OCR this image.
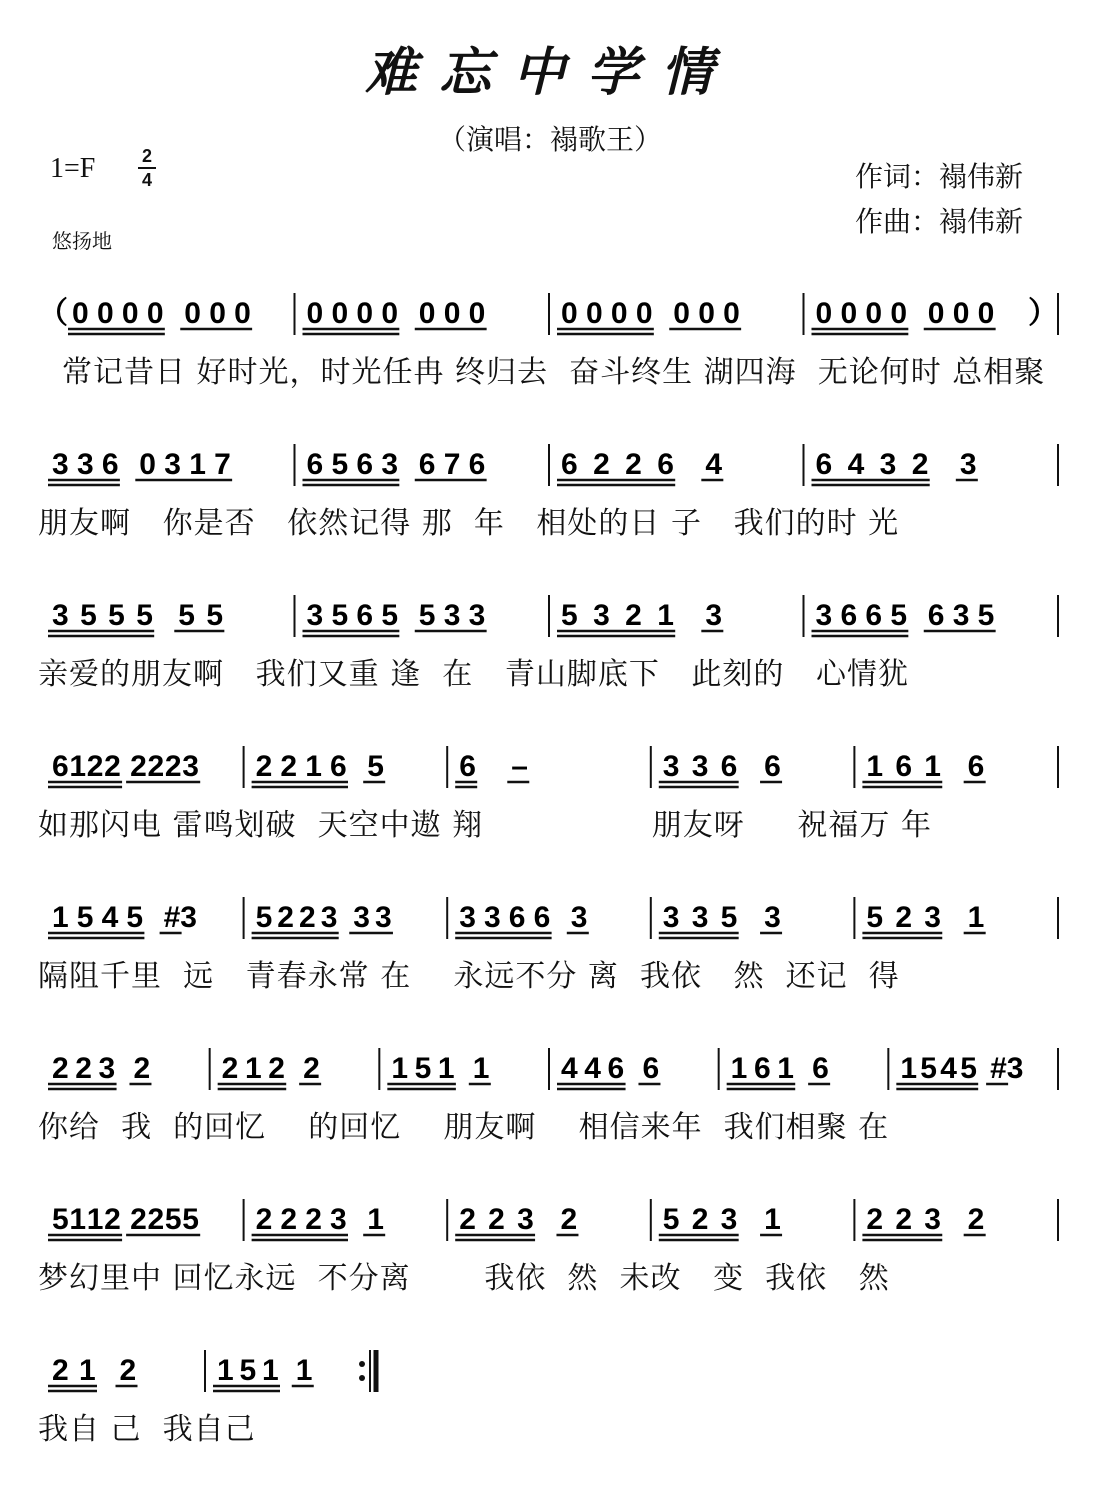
难忘中学情
（演唱：褟歌王）
1=F	2
4	作词：褟伟新
作曲：褟伟新
悠扬地
（ 0 0 0 0 0 0 0 0 0 0 0 0 0 0	0 0 0 0 0 0 0	0 0 0 0 0 0 0 ）
常记昔日 好时光，时光任冉 终归去  奋斗终生 湖四海  无论何时 总相聚
3 3 6 0 3 1 7	6 5 6 3 6 7 6	6 2 2 6 4	6 4 3 2 3
朋友啊   你是否   依然记得 那  年   相处的日 子   我们的时 光
3 5 5 5 5 5	3 5 6 5 5 3 3	5 3 2 1 3	3 6 6 5 6 3 5
亲爱的朋友啊   我们又重 逢  在   青山脚底下   此刻的   心情犹
6 1 2 2 2 2 2 3 2 2 1 6 5	6 –	3 3 6 6	1 6 1 6
如那闪电 雷鸣划破  天空中遨 翔                朋友呀     祝福万 年
1 5 4 5 #3 5 2 2 3 3 3 3 3 6 6 3	3 3 5 3	5 2 3 1
隔阻千里  远   青春永常 在    永远不分 离  我依   然  还记  得
2 2 3 2 2 1 2 2 1 5 1 1 4 4 6 6 1 6 1 6 1 5 4 5 #3
你给  我  的回忆    的回忆    朋友啊    相信来年  我们相聚 在
5 1 1 2 2 2 5 5 2 2 2 3 1	2 2 3 2	5 2 3 1	2 2 3 2
梦幻里中 回忆永远  不分离       我依  然  未改   变  我依   然
2 1 2	1 5 1 1
我自 己  我自己
